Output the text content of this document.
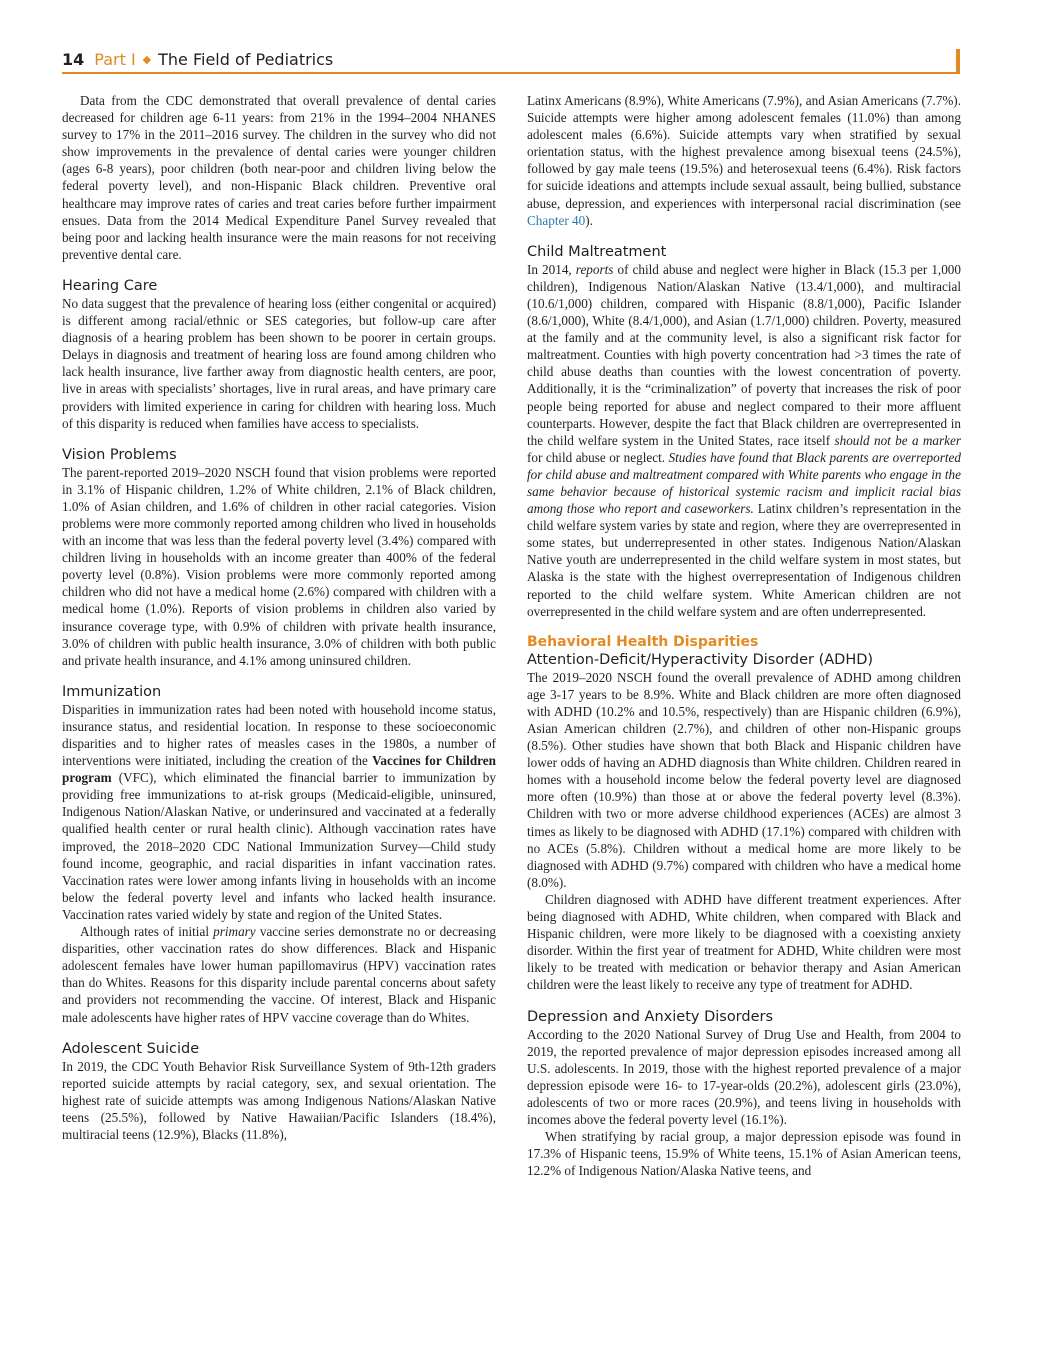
14 Part I ◆ The Field of Pediatrics

Data from the CDC demonstrated that overall prevalence of dental caries decreased for children age 6-11 years: from 21% in the 1994–2004 NHANES survey to 17% in the 2011–2016 survey. The children in the survey who did not show improvements in the prevalence of dental caries were younger children (ages 6-8 years), poor children (both near-poor and children living below the federal poverty level), and non-Hispanic Black children. Preventive oral healthcare may improve rates of caries and treat caries before further impairment ensues. Data from the 2014 Medical Expenditure Panel Survey revealed that being poor and lacking health insurance were the main reasons for not receiving preventive dental care.

Hearing Care

No data suggest that the prevalence of hearing loss (either congenital or acquired) is different among racial/ethnic or SES categories, but follow-up care after diagnosis of a hearing problem has been shown to be poorer in certain groups. Delays in diagnosis and treatment of hearing loss are found among children who lack health insurance, live farther away from diagnostic health centers, are poor, live in areas with specialists’ shortages, live in rural areas, and have primary care providers with limited experience in caring for children with hearing loss. Much of this disparity is reduced when families have access to specialists.

Vision Problems

The parent-reported 2019–2020 NSCH found that vision problems were reported in 3.1% of Hispanic children, 1.2% of White children, 2.1% of Black children, 1.0% of Asian children, and 1.6% of children in other racial categories. Vision problems were more commonly reported among children who lived in households with an income that was less than the federal poverty level (3.4%) compared with children living in households with an income greater than 400% of the federal poverty level (0.8%). Vision problems were more commonly reported among children who did not have a medical home (2.6%) compared with children with a medical home (1.0%). Reports of vision problems in children also varied by insurance coverage type, with 0.9% of children with private health insurance, 3.0% of children with public health insurance, 3.0% of children with both public and private health insurance, and 4.1% among uninsured children.

Immunization

Disparities in immunization rates had been noted with household income status, insurance status, and residential location. In response to these socioeconomic disparities and to higher rates of measles cases in the 1980s, a number of interventions were initiated, including the creation of the Vaccines for Children program (VFC), which eliminated the financial barrier to immunization by providing free immunizations to at-risk groups (Medicaid-eligible, uninsured, Indigenous Nation/Alaskan Native, or underinsured and vaccinated at a federally qualified health center or rural health clinic). Although vaccination rates have improved, the 2018–2020 CDC National Immunization Survey—Child study found income, geographic, and racial disparities in infant vaccination rates. Vaccination rates were lower among infants living in households with an income below the federal poverty level and infants who lacked health insurance. Vaccination rates varied widely by state and region of the United States.

Although rates of initial primary vaccine series demonstrate no or decreasing disparities, other vaccination rates do show differences. Black and Hispanic adolescent females have lower human papillomavirus (HPV) vaccination rates than do Whites. Reasons for this disparity include parental concerns about safety and providers not recommending the vaccine. Of interest, Black and Hispanic male adolescents have higher rates of HPV vaccine coverage than do Whites.

Adolescent Suicide

In 2019, the CDC Youth Behavior Risk Surveillance System of 9th-12th graders reported suicide attempts by racial category, sex, and sexual orientation. The highest rate of suicide attempts was among Indigenous Nations/Alaskan Native teens (25.5%), followed by Native Hawaiian/Pacific Islanders (18.4%), multiracial teens (12.9%), Blacks (11.8%),

Latinx Americans (8.9%), White Americans (7.9%), and Asian Americans (7.7%). Suicide attempts were higher among adolescent females (11.0%) than among adolescent males (6.6%). Suicide attempts vary when stratified by sexual orientation status, with the highest prevalence among bisexual teens (24.5%), followed by gay male teens (19.5%) and heterosexual teens (6.4%). Risk factors for suicide ideations and attempts include sexual assault, being bullied, substance abuse, depression, and experiences with interpersonal racial discrimination (see Chapter 40).

Child Maltreatment

In 2014, reports of child abuse and neglect were higher in Black (15.3 per 1,000 children), Indigenous Nation/Alaskan Native (13.4/1,000), and multiracial (10.6/1,000) children, compared with Hispanic (8.8/1,000), Pacific Islander (8.6/1,000), White (8.4/1,000), and Asian (1.7/1,000) children. Poverty, measured at the family and at the community level, is also a significant risk factor for maltreatment. Counties with high poverty concentration had >3 times the rate of child abuse deaths than counties with the lowest concentration of poverty. Additionally, it is the “criminalization” of poverty that increases the risk of poor people being reported for abuse and neglect compared to their more affluent counterparts. However, despite the fact that Black children are overrepresented in the child welfare system in the United States, race itself should not be a marker for child abuse or neglect. Studies have found that Black parents are overreported for child abuse and maltreatment compared with White parents who engage in the same behavior because of historical systemic racism and implicit racial bias among those who report and caseworkers. Latinx children’s representation in the child welfare system varies by state and region, where they are overrepresented in some states, but underrepresented in other states. Indigenous Nation/Alaskan Native youth are underrepresented in the child welfare system in most states, but Alaska is the state with the highest overrepresentation of Indigenous children reported to the child welfare system. White American children are not overrepresented in the child welfare system and are often underrepresented.

Behavioral Health Disparities
Attention-Deficit/Hyperactivity Disorder (ADHD)

The 2019–2020 NSCH found the overall prevalence of ADHD among children age 3-17 years to be 8.9%. White and Black children are more often diagnosed with ADHD (10.2% and 10.5%, respectively) than are Hispanic children (6.9%), Asian American children (2.7%), and children of other non-Hispanic groups (8.5%). Other studies have shown that both Black and Hispanic children have lower odds of having an ADHD diagnosis than White children. Children reared in homes with a household income below the federal poverty level are diagnosed more often (10.9%) than those at or above the federal poverty level (8.3%). Children with two or more adverse childhood experiences (ACEs) are almost 3 times as likely to be diagnosed with ADHD (17.1%) compared with children with no ACEs (5.8%). Children without a medical home are more likely to be diagnosed with ADHD (9.7%) compared with children who have a medical home (8.0%).

Children diagnosed with ADHD have different treatment experiences. After being diagnosed with ADHD, White children, when compared with Black and Hispanic children, were more likely to be diagnosed with a coexisting anxiety disorder. Within the first year of treatment for ADHD, White children were most likely to be treated with medication or behavior therapy and Asian American children were the least likely to receive any type of treatment for ADHD.

Depression and Anxiety Disorders

According to the 2020 National Survey of Drug Use and Health, from 2004 to 2019, the reported prevalence of major depression episodes increased among all U.S. adolescents. In 2019, those with the highest reported prevalence of a major depression episode were 16- to 17-year-olds (20.2%), adolescent girls (23.0%), adolescents of two or more races (20.9%), and teens living in households with incomes above the federal poverty level (16.1%).

When stratifying by racial group, a major depression episode was found in 17.3% of Hispanic teens, 15.9% of White teens, 15.1% of Asian American teens, 12.2% of Indigenous Nation/Alaska Native teens, and
